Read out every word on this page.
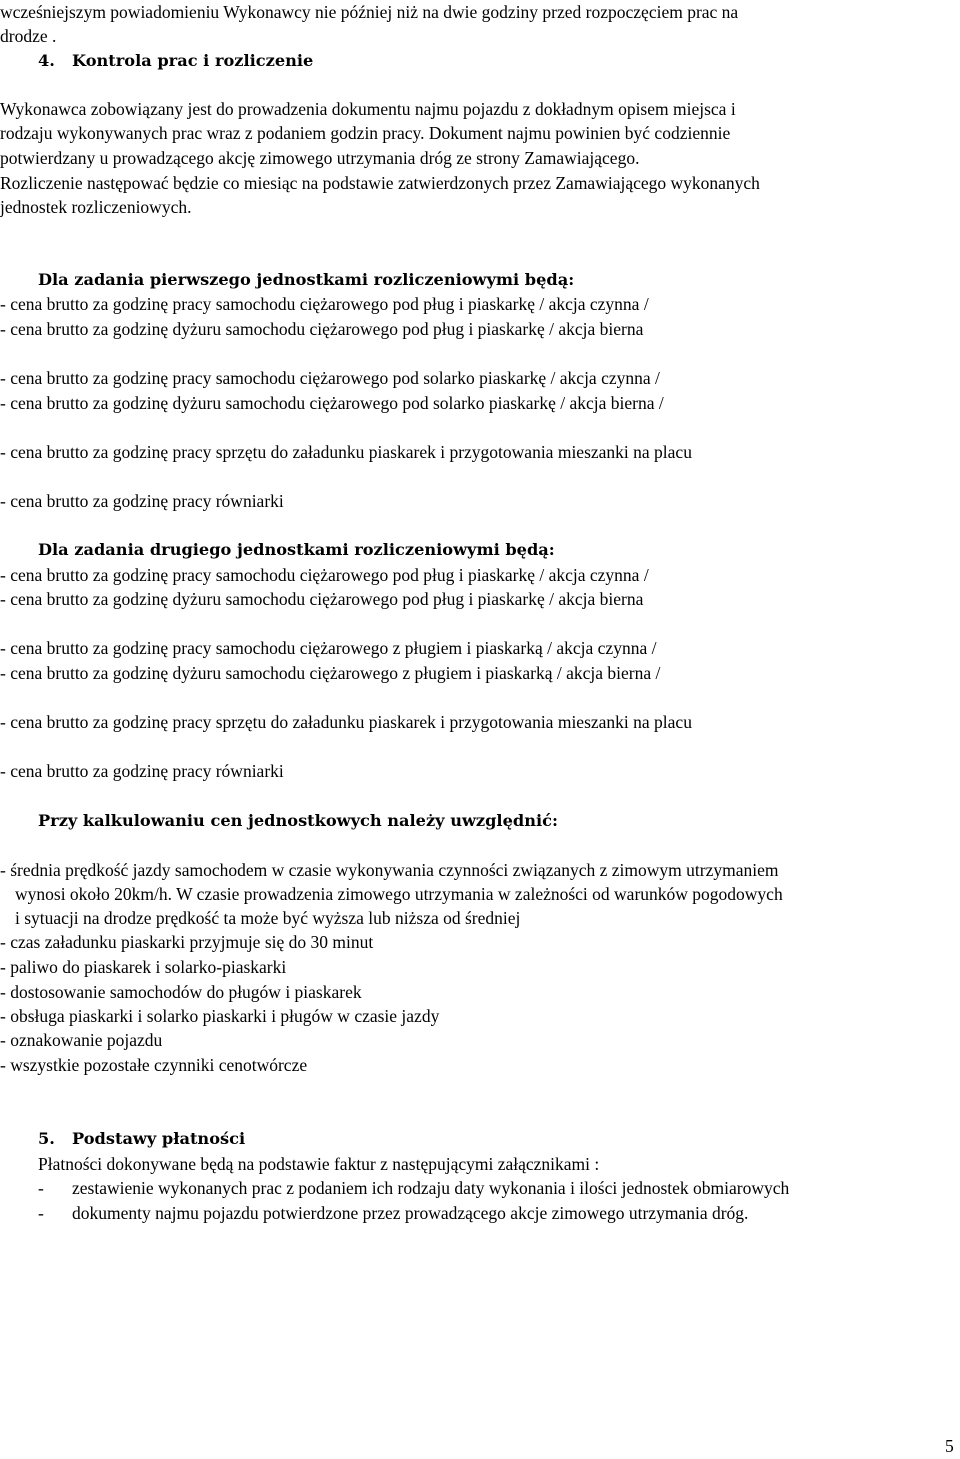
wcześniejszym powiadomieniu Wykonawcy nie później niż na dwie godziny przed rozpoczęciem prac na
drodze .
4. Kontrola prac i rozliczenie
Wykonawca zobowiązany jest do prowadzenia dokumentu najmu pojazdu z dokładnym opisem miejsca i
rodzaju wykonywanych prac wraz z podaniem godzin pracy. Dokument najmu powinien być codziennie
potwierdzany u prowadzącego akcję zimowego utrzymania dróg ze strony Zamawiającego.
Rozliczenie następować będzie co miesiąc na podstawie zatwierdzonych przez Zamawiającego wykonanych
jednostek rozliczeniowych.
Dla zadania pierwszego jednostkami rozliczeniowymi będą:
- cena brutto za godzinę pracy samochodu ciężarowego pod pług i piaskarkę / akcja czynna /
- cena brutto za godzinę dyżuru samochodu ciężarowego pod pług i piaskarkę / akcja bierna
- cena brutto za godzinę pracy samochodu ciężarowego pod solarko piaskarkę / akcja czynna /
- cena brutto za godzinę dyżuru samochodu ciężarowego pod solarko piaskarkę / akcja bierna /
- cena brutto za godzinę pracy sprzętu do załadunku piaskarek i przygotowania mieszanki na placu
- cena brutto za godzinę pracy równiarki
Dla zadania drugiego jednostkami rozliczeniowymi będą:
- cena brutto za godzinę pracy samochodu ciężarowego pod pług i piaskarkę / akcja czynna /
- cena brutto za godzinę dyżuru samochodu ciężarowego pod pług i piaskarkę / akcja bierna
- cena brutto za godzinę pracy samochodu ciężarowego z pługiem i piaskarką / akcja czynna /
- cena brutto za godzinę dyżuru samochodu ciężarowego z pługiem i piaskarką / akcja bierna /
- cena brutto za godzinę pracy sprzętu do załadunku piaskarek i przygotowania mieszanki na placu
- cena brutto za godzinę pracy równiarki
Przy kalkulowaniu cen jednostkowych należy uwzględnić:
- średnia prędkość jazdy samochodem w czasie wykonywania czynności związanych z zimowym utrzymaniem
wynosi około 20km/h. W czasie prowadzenia zimowego utrzymania w zależności od warunków pogodowych
i sytuacji na drodze prędkość ta może być wyższa lub niższa od średniej
- czas załadunku piaskarki przyjmuje się do 30 minut
- paliwo do piaskarek i solarko-piaskarki
- dostosowanie samochodów do pługów i piaskarek
- obsługa piaskarki i solarko piaskarki i pługów w czasie jazdy
- oznakowanie pojazdu
- wszystkie pozostałe czynniki cenotwórcze
5. Podstawy płatności
Płatności dokonywane będą na podstawie faktur z następującymi załącznikami :
- zestawienie wykonanych prac z podaniem ich rodzaju daty wykonania i ilości jednostek obmiarowych
- dokumenty najmu pojazdu potwierdzone przez prowadzącego akcje zimowego utrzymania dróg.
5
